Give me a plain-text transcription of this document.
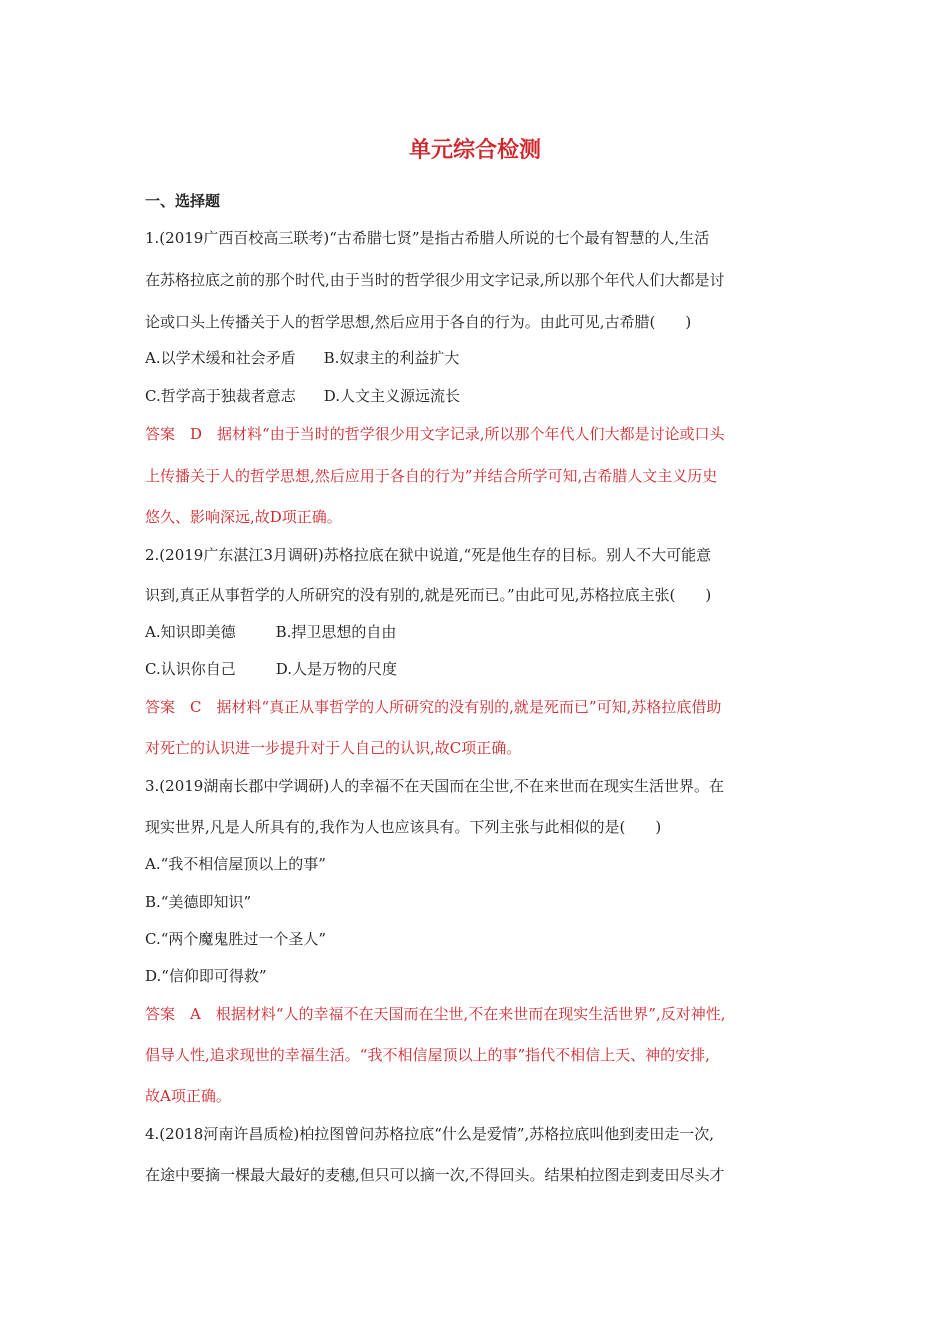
单元综合检测
一、选择题
1.(2019广西百校高三联考)“古希腊七贤”是指古希腊人所说的七个最有智慧的人,生活
在苏格拉底之前的那个时代,由于当时的哲学很少用文字记录,所以那个年代人们大都是讨
论或口头上传播关于人的哲学思想,然后应用于各自的行为。由此可见,古希腊(　　)
A.以学术缓和社会矛盾 B.奴隶主的利益扩大
C.哲学高于独裁者意志 D.人文主义源远流长
答案　D　据材料“由于当时的哲学很少用文字记录,所以那个年代人们大都是讨论或口头
上传播关于人的哲学思想,然后应用于各自的行为”并结合所学可知,古希腊人文主义历史
悠久、影响深远,故D项正确。
2.(2019广东湛江3月调研)苏格拉底在狱中说道,“死是他生存的目标。别人不大可能意
识到,真正从事哲学的人所研究的没有别的,就是死而已。”由此可见,苏格拉底主张(　　)
A.知识即美德	B.捍卫思想的自由
C.认识你自己	D.人是万物的尺度
答案　C　据材料“真正从事哲学的人所研究的没有别的,就是死而已”可知,苏格拉底借助
对死亡的认识进一步提升对于人自己的认识,故C项正确。
3.(2019湖南长郡中学调研)人的幸福不在天国而在尘世,不在来世而在现实生活世界。在
现实世界,凡是人所具有的,我作为人也应该具有。下列主张与此相似的是(　　)
A.“我不相信屋顶以上的事”
B.“美德即知识”
C.“两个魔鬼胜过一个圣人”
D.“信仰即可得救”
答案　A　根据材料“人的幸福不在天国而在尘世,不在来世而在现实生活世界”,反对神性,
倡导人性,追求现世的幸福生活。“我不相信屋顶以上的事”指代不相信上天、神的安排,
故A项正确。
4.(2018河南许昌质检)柏拉图曾问苏格拉底“什么是爱情”,苏格拉底叫他到麦田走一次,
在途中要摘一棵最大最好的麦穗,但只可以摘一次,不得回头。结果柏拉图走到麦田尽头才
